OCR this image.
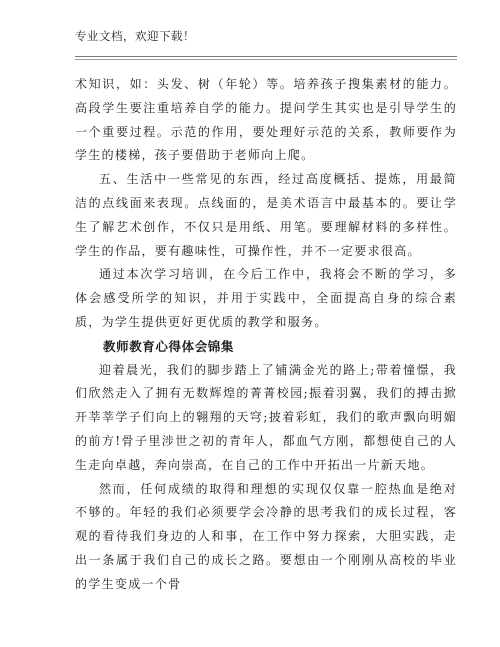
专业文档，欢迎下载！

术知识，如：头发、树（年轮）等。培养孩子搜集素材的能力。高段学生要注重培养自学的能力。提问学生其实也是引导学生的一个重要过程。示范的作用，要处理好示范的关系，教师要作为学生的楼梯，孩子要借助于老师向上爬。

五、生活中一些常见的东西，经过高度概括、提炼，用最简洁的点线面来表现。点线面的，是美术语言中最基本的。要让学生了解艺术创作，不仅只是用纸、用笔。要理解材料的多样性。学生的作品，要有趣味性，可操作性，并不一定要求很高。

通过本次学习培训，在今后工作中，我将会不断的学习，多体会感受所学的知识，并用于实践中，全面提高自身的综合素质，为学生提供更好更优质的教学和服务。

教师教育心得体会锦集

迎着晨光，我们的脚步踏上了铺满金光的路上;带着憧憬，我们欣然走入了拥有无数辉煌的菁菁校园;振着羽翼，我们的搏击掀开莘莘学子们向上的翱翔的天穹;披着彩虹，我们的歌声飘向明媚的前方!骨子里涉世之初的青年人，都血气方刚，都想使自己的人生走向卓越，奔向崇高，在自己的工作中开拓出一片新天地。

然而，任何成绩的取得和理想的实现仅仅靠一腔热血是绝对不够的。年轻的我们必须要学会冷静的思考我们的成长过程，客观的看待我们身边的人和事，在工作中努力探索，大胆实践，走出一条属于我们自己的成长之路。要想由一个刚刚从高校的毕业的学生变成一个骨
